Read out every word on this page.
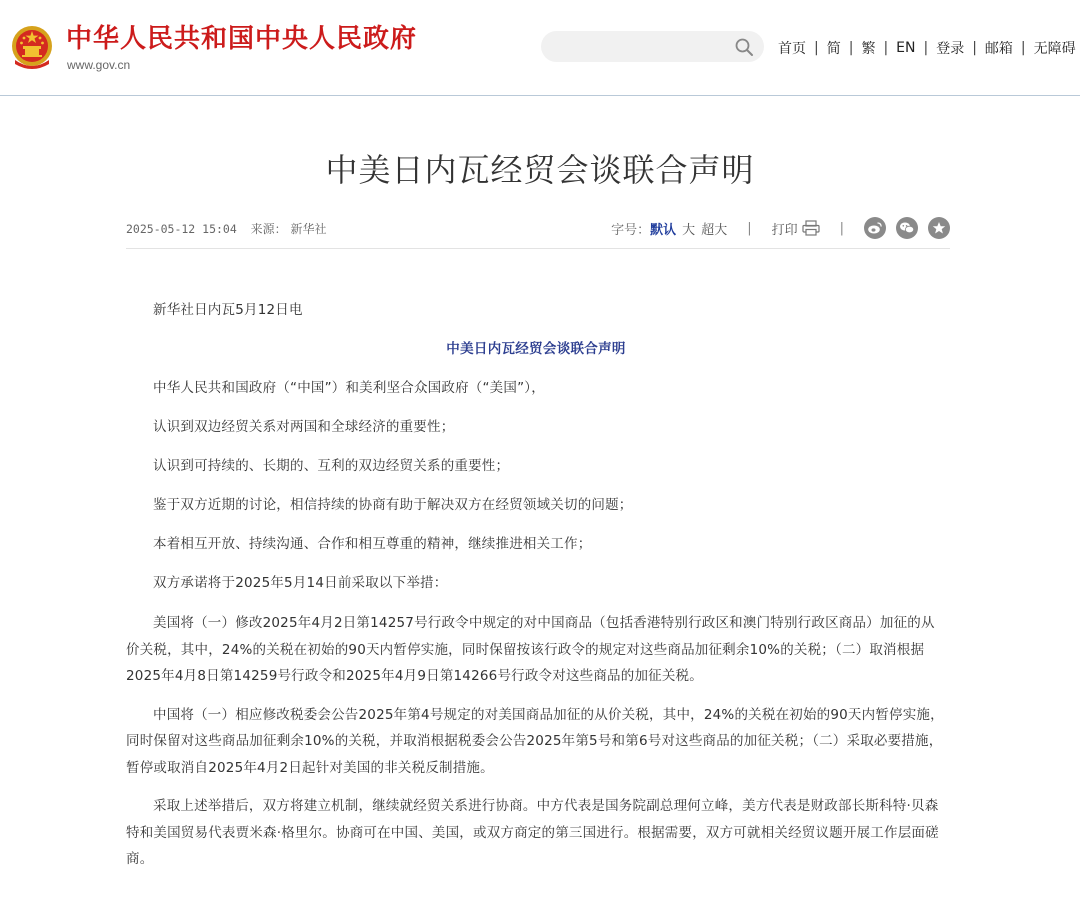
中华人民共和国中央人民政府
www.gov.cn
首页 | 简 | 繁 | EN | 登录 | 邮箱 | 无障碍
中美日内瓦经贸会谈联合声明
2025-05-12 15:04 来源： 新华社	字号： 默认 大 超大 | 打印	|

新华社日内瓦5月12日电

中美日内瓦经贸会谈联合声明

中华人民共和国政府（“中国”）和美利坚合众国政府（“美国”），

认识到双边经贸关系对两国和全球经济的重要性；

认识到可持续的、长期的、互利的双边经贸关系的重要性；

鉴于双方近期的讨论，相信持续的协商有助于解决双方在经贸领域关切的问题；

本着相互开放、持续沟通、合作和相互尊重的精神，继续推进相关工作；

双方承诺将于2025年5月14日前采取以下举措：

美国将（一）修改2025年4月2日第14257号行政令中规定的对中国商品（包括香港特别行政区和澳门特别行政区商品）加征的从价关税，其中，24%的关税在初始的90天内暂停实施，同时保留按该行政令的规定对这些商品加征剩余10%的关税；（二）取消根据2025年4月8日第14259号行政令和2025年4月9日第14266号行政令对这些商品的加征关税。

中国将（一）相应修改税委会公告2025年第4号规定的对美国商品加征的从价关税，其中，24%的关税在初始的90天内暂停实施，同时保留对这些商品加征剩余10%的关税，并取消根据税委会公告2025年第5号和第6号对这些商品的加征关税；（二）采取必要措施，暂停或取消自2025年4月2日起针对美国的非关税反制措施。

采取上述举措后，双方将建立机制，继续就经贸关系进行协商。中方代表是国务院副总理何立峰，美方代表是财政部长斯科特·贝森特和美国贸易代表贾米森·格里尔。协商可在中国、美国，或双方商定的第三国进行。根据需要，双方可就相关经贸议题开展工作层面磋商。
